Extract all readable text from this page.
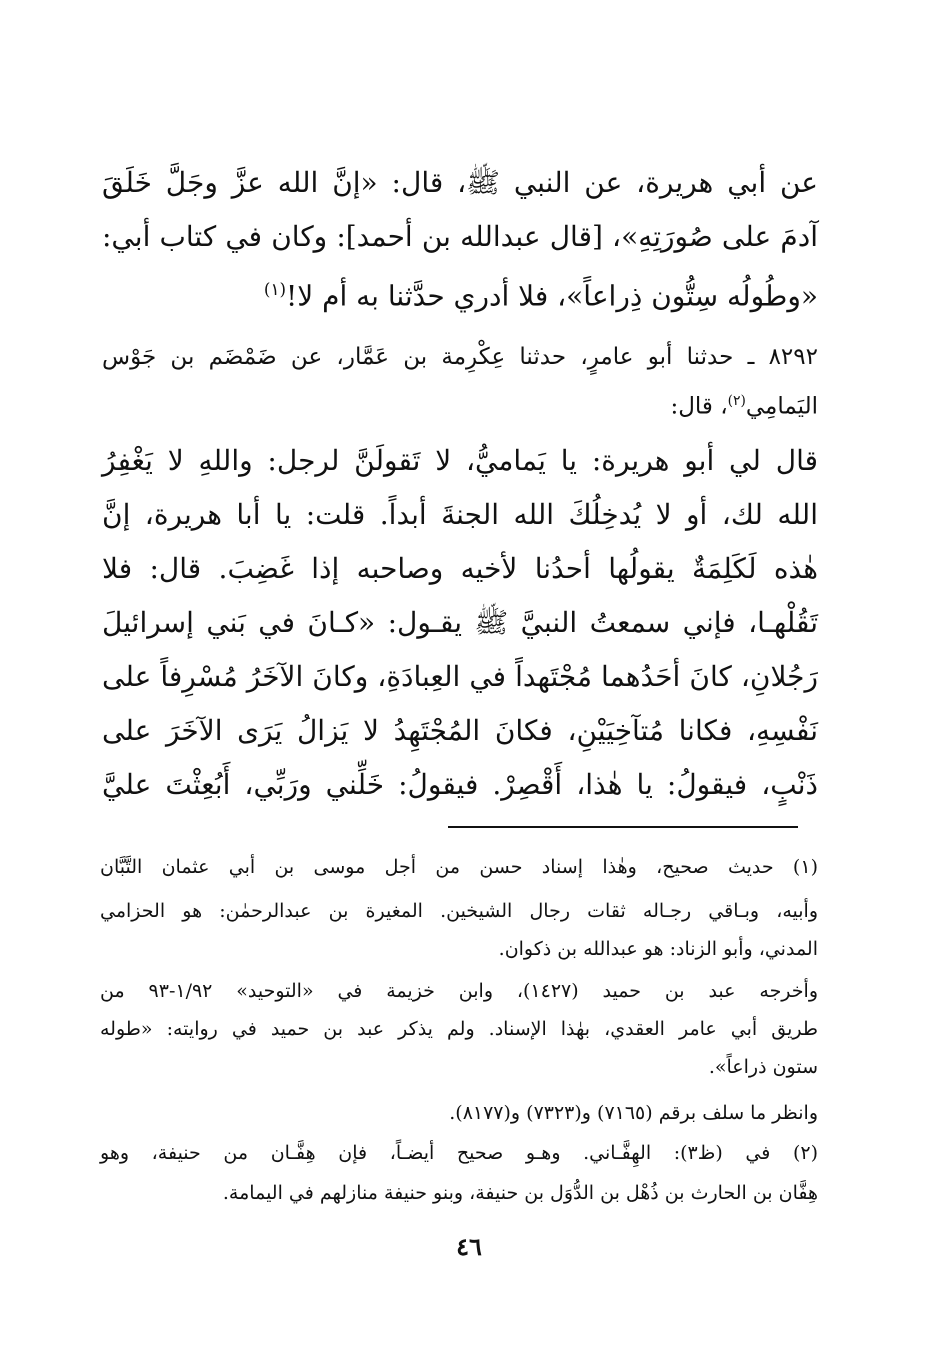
عن أبي هريرة، عن النبي ﷺ، قال: «إنَّ الله عزَّ وجَلَّ خَلَقَ
آدمَ على صُورَتِهِ»، [قال عبدالله بن أحمد]: وكان في كتاب أبي:
«وطُولُه سِتُّون ذِراعاً»، فلا أدري حدَّثنا به أم لا!$^{(١)}$
٨٢٩٢ ـ حدثنا أبو عامرٍ، حدثنا عِكْرِمة بن عَمَّار، عن ضَمْضَم بن جَوْس
اليَمامِي$^{(٢)}$، قال:
قال لي أبو هريرة: يا يَماميُّ، لا تَقولَنَّ لرجل: واللهِ لا يَغْفِرُ
الله لك، أو لا يُدخِلُكَ الله الجنةَ أبداً. قلت: يا أبا هريرة، إنَّ
هٰذه لَكَلِمَةٌ يقولُها أحدُنا لأخيه وصاحبه إذا غَضِبَ. قال: فلا
تَقُلْهـا، فإني سمعتُ النبيَّ ﷺ يقـول: «كـانَ في بَني إسرائيلَ
رَجُلانِ، كانَ أحَدُهما مُجْتَهداً في العِبادَةِ، وكانَ الآخَرُ مُسْرِفاً على
نَفْسِهِ، فكانا مُتآخِيَيْنِ، فكانَ المُجْتَهِدُ لا يَزالُ يَرَى الآخَرَ على
ذَنْبٍ، فيقولُ: يا هٰذا، أَقْصِرْ. فيقولُ: خَلِّني ورَبِّي، أَبُعِثْتَ عليَّ
(١) حديث صحيح، وهٰذا إسناد حسن من أجل موسى بن أبي عثمان التَّبَّان
وأبيه، وبـاقي رجـاله ثقات رجال الشيخين. المغيرة بن عبدالرحمٰن: هو الحزامي
المدني، وأبو الزناد: هو عبدالله بن ذكوان.
وأخرجه عبد بن حميد (١٤٢٧)، وابن خزيمة في «التوحيد» ١/٩٢-٩٣ من
طريق أبي عامر العقدي، بهٰذا الإسناد. ولم يذكر عبد بن حميد في روايته: «طوله
ستون ذراعاً».
وانظر ما سلف برقم (٧١٦٥) و(٧٣٢٣) و(٨١٧٧).
(٢) في (ظ٣): الهِفَّـاني. وهـو صحيح أيضـاً، فإن هِفَّـان من حنيفة، وهو
هِفَّان بن الحارث بن ذُهْل بن الدُّوَل بن حنيفة، وبنو حنيفة منازلهم في اليمامة.
٤٦
